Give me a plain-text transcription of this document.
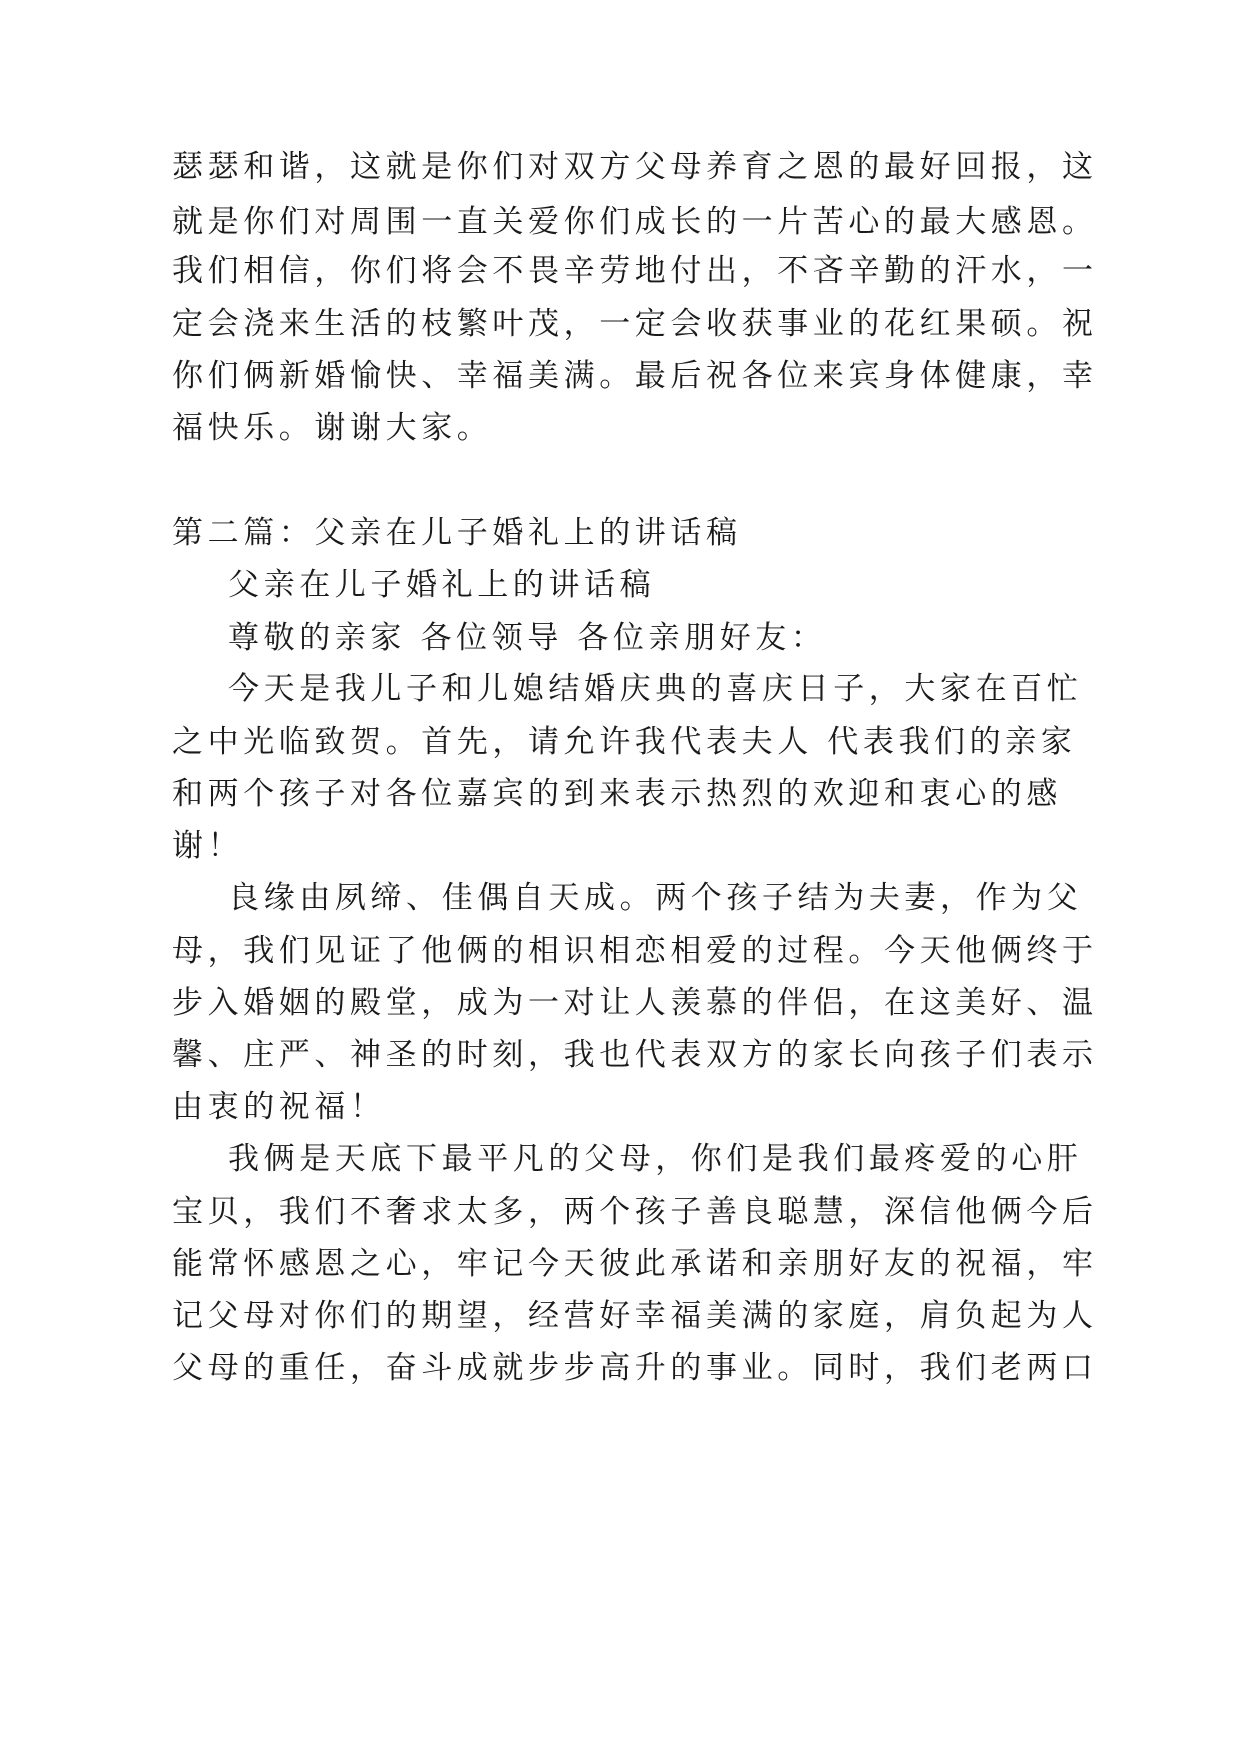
瑟瑟和谐，这就是你们对双方父母养育之恩的最好回报，这
就是你们对周围一直关爱你们成长的一片苦心的最大感恩。
我们相信，你们将会不畏辛劳地付出，不吝辛勤的汗水，一
定会浇来生活的枝繁叶茂，一定会收获事业的花红果硕。祝
你们俩新婚愉快、幸福美满。最后祝各位来宾身体健康，幸
福快乐。谢谢大家。
第二篇：父亲在儿子婚礼上的讲话稿
父亲在儿子婚礼上的讲话稿
尊敬的亲家 各位领导 各位亲朋好友：
今天是我儿子和儿媳结婚庆典的喜庆日子，大家在百忙
之中光临致贺。首先，请允许我代表夫人 代表我们的亲家
和两个孩子对各位嘉宾的到来表示热烈的欢迎和衷心的感
谢！
良缘由夙缔、佳偶自天成。两个孩子结为夫妻，作为父
母，我们见证了他俩的相识相恋相爱的过程。今天他俩终于
步入婚姻的殿堂，成为一对让人羡慕的伴侣，在这美好、温
馨、庄严、神圣的时刻，我也代表双方的家长向孩子们表示
由衷的祝福！
我俩是天底下最平凡的父母，你们是我们最疼爱的心肝
宝贝，我们不奢求太多，两个孩子善良聪慧，深信他俩今后
能常怀感恩之心，牢记今天彼此承诺和亲朋好友的祝福，牢
记父母对你们的期望，经营好幸福美满的家庭，肩负起为人
父母的重任，奋斗成就步步高升的事业。同时，我们老两口
